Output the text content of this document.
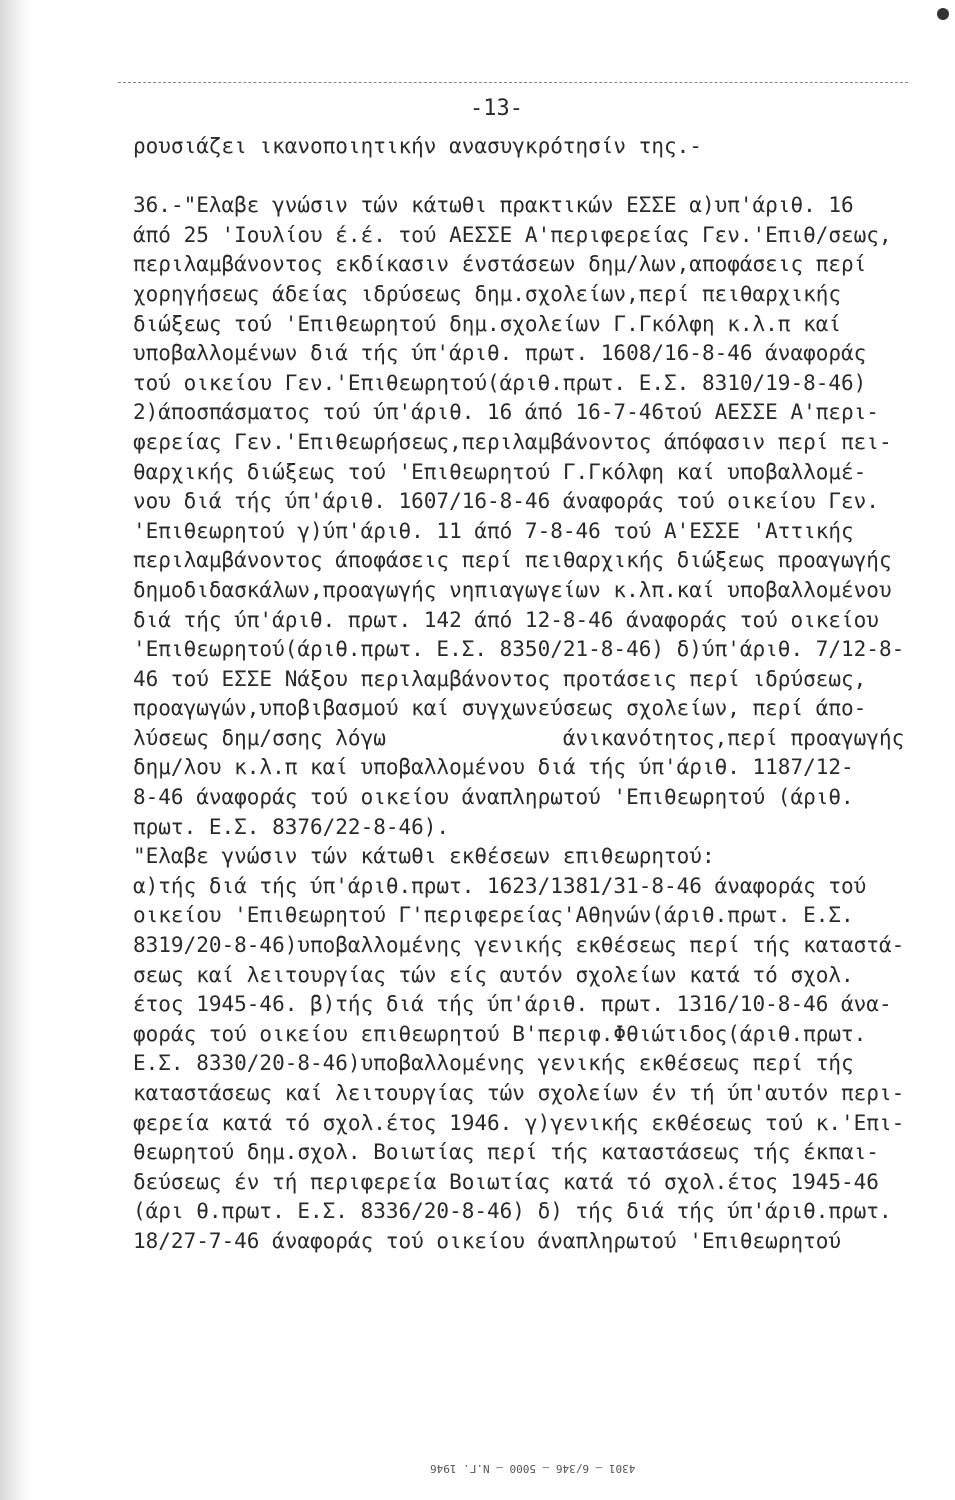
-13-
ρουσιάζει ικανοποιητικήν ανασυγκρότησίν της.-

36.-"Ελαβε γνώσιν τών κάτωθι πρακτικών ΕΣΣΕ α)υπ'άριθ. 16
άπό 25 'Ιουλίου έ.έ. τού ΑΕΣΣΕ Α'περιφερείας Γεν.'Επιθ/σεως,
περιλαμβάνοντος εκδίκασιν ένστάσεων δημ/λων,αποφάσεις περί
χορηγήσεως άδείας ιδρύσεως δημ.σχολείων,περί πειθαρχικής
διώξεως τού 'Επιθεωρητού δημ.σχολείων Γ.Γκόλφη κ.λ.π καί
υποβαλλομένων διά τής ύπ'άριθ. πρωτ. 1608/16-8-46 άναφοράς
τού οικείου Γεν.'Επιθεωρητού(άριθ.πρωτ. Ε.Σ. 8310/19-8-46)
2)άποσπάσματος τού ύπ'άριθ. 16 άπό 16-7-46τού ΑΕΣΣΕ Α'περι-
φερείας Γεν.'Επιθεωρήσεως,περιλαμβάνοντος άπόφασιν περί πει-
θαρχικής διώξεως τού 'Επιθεωρητού Γ.Γκόλφη καί υποβαλλομέ-
νου διά τής ύπ'άριθ. 1607/16-8-46 άναφοράς τού οικείου Γεν.
'Επιθεωρητού γ)ύπ'άριθ. 11 άπό 7-8-46 τού Α'ΕΣΣΕ 'Αττικής
περιλαμβάνοντος άποφάσεις περί πειθαρχικής διώξεως προαγωγής
δημοδιδασκάλων,προαγωγής νηπιαγωγείων κ.λπ.καί υποβαλλομένου
διά τής ύπ'άριθ. πρωτ. 142 άπό 12-8-46 άναφοράς τού οικείου
'Επιθεωρητού(άριθ.πρωτ. Ε.Σ. 8350/21-8-46) δ)ύπ'άριθ. 7/12-8-
46 τού ΕΣΣΕ Νάξου περιλαμβάνοντος προτάσεις περί ιδρύσεως,
προαγωγών,υποβιβασμού καί συγχωνεύσεως σχολείων, περί άπο-
λύσεως δημ/σσης λόγω              άνικανότητος,περί προαγωγής
δημ/λου κ.λ.π καί υποβαλλομένου διά τής ύπ'άριθ. 1187/12-
8-46 άναφοράς τού οικείου άναπληρωτού 'Επιθεωρητού (άριθ.
πρωτ. Ε.Σ. 8376/22-8-46).
"Ελαβε γνώσιν τών κάτωθι εκθέσεων επιθεωρητού:
α)τής διά τής ύπ'άριθ.πρωτ. 1623/1381/31-8-46 άναφοράς τού
οικείου 'Επιθεωρητού Γ'περιφερείας'Αθηνών(άριθ.πρωτ. Ε.Σ.
8319/20-8-46)υποβαλλομένης γενικής εκθέσεως περί τής καταστά-
σεως καί λειτουργίας τών είς αυτόν σχολείων κατά τό σχολ.
έτος 1945-46. β)τής διά τής ύπ'άριθ. πρωτ. 1316/10-8-46 άνα-
φοράς τού οικείου επιθεωρητού Β'περιφ.Φθιώτιδος(άριθ.πρωτ.
Ε.Σ. 8330/20-8-46)υποβαλλομένης γενικής εκθέσεως περί τής
καταστάσεως καί λειτουργίας τών σχολείων έν τή ύπ'αυτόν περι-
φερεία κατά τό σχολ.έτος 1946. γ)γενικής εκθέσεως τού κ.'Επι-
θεωρητού δημ.σχολ. Βοιωτίας περί τής καταστάσεως τής έκπαι-
δεύσεως έν τή περιφερεία Βοιωτίας κατά τό σχολ.έτος 1945-46
(άρι θ.πρωτ. Ε.Σ. 8336/20-8-46) δ) τής διά τής ύπ'άριθ.πρωτ.
18/27-7-46 άναφοράς τού οικείου άναπληρωτού 'Επιθεωρητού
4301 — 6/346 — 5000 — Ν.Γ. 1946
